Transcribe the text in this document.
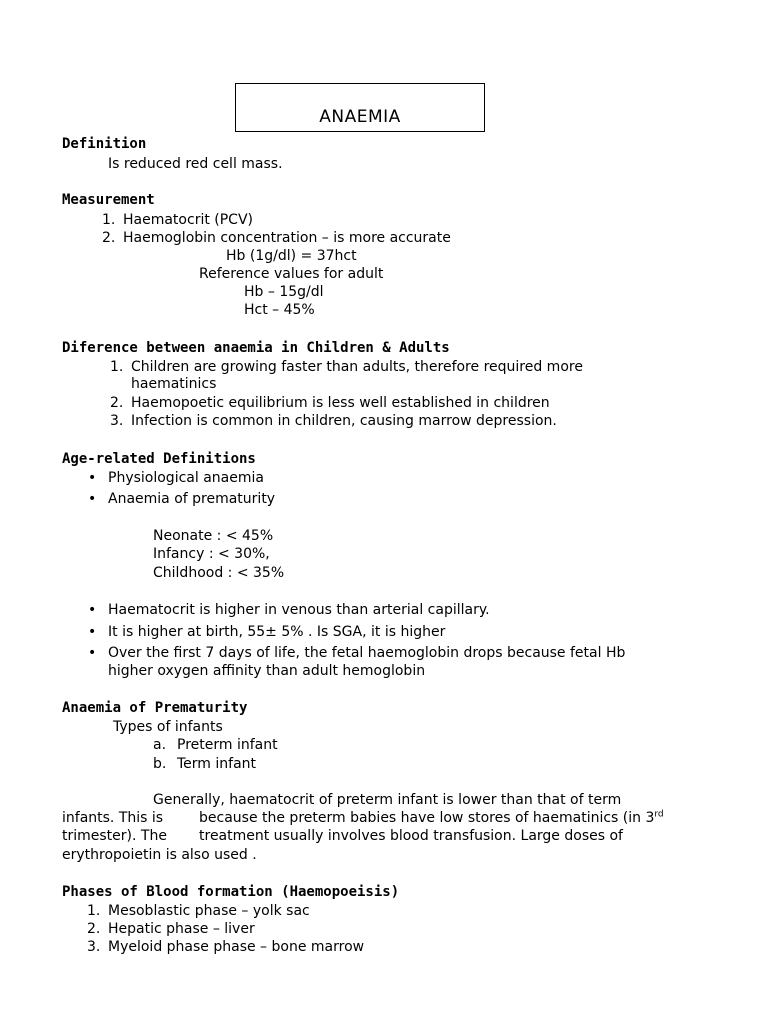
ANAEMIA
Definition
Is reduced red cell mass.
Measurement
1. Haematocrit (PCV)
2. Haemoglobin concentration – is more accurate
Hb (1g/dl) = 37hct
Reference values for adult
Hb – 15g/dl
Hct – 45%
Diference between anaemia in Children & Adults
1. Children are growing faster than adults, therefore required more
haematinics
2. Haemopoetic equilibrium is less well established in children
3. Infection is common in children, causing marrow depression.
Age-related Definitions
• Physiological anaemia
• Anaemia of prematurity
Neonate : < 45%
Infancy : < 30%,
Childhood : < 35%
• Haematocrit is higher in venous than arterial capillary.
• It is higher at birth, 55± 5% . Is SGA, it is higher
• Over the first 7 days of life, the fetal haemoglobin drops because fetal Hb
higher oxygen affinity than adult hemoglobin
Anaemia of Prematurity
Types of infants
a. Preterm infant
b. Term infant
Generally, haematocrit of preterm infant is lower than that of term
infants. This is	because the preterm babies have low stores of haematinics (in 3rd
trimester). The treatment usually involves blood transfusion. Large doses of
erythropoietin is also used .
Phases of Blood formation (Haemopoeisis)
1. Mesoblastic phase – yolk sac
2. Hepatic phase – liver
3. Myeloid phase phase – bone marrow
